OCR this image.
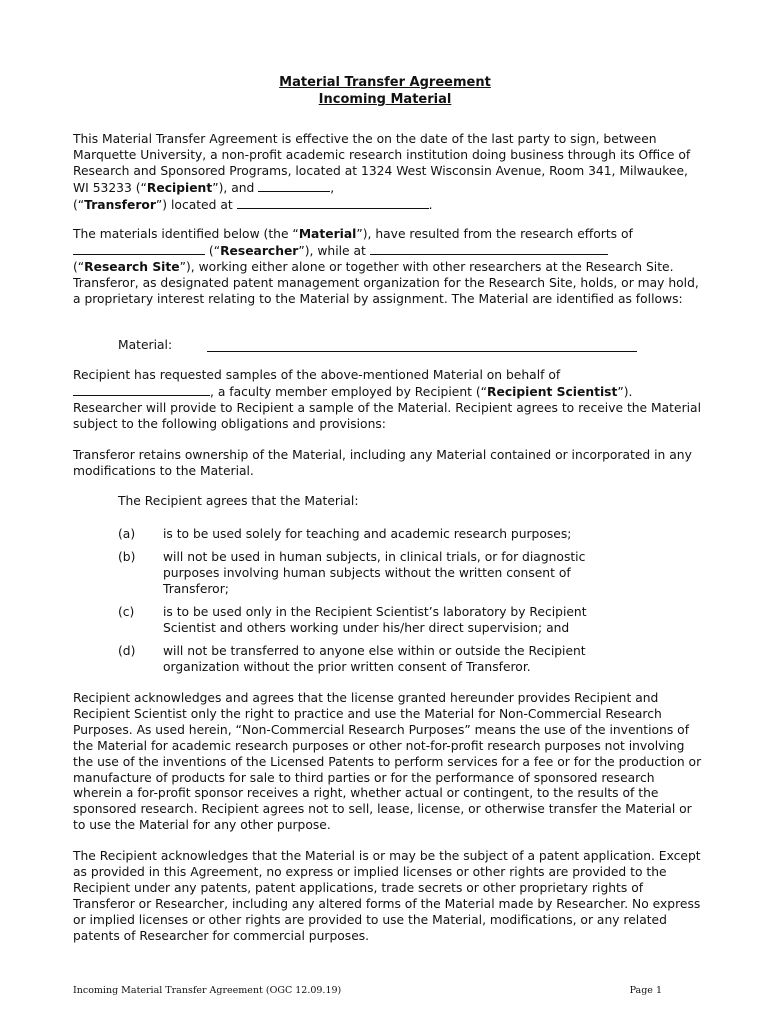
Material Transfer Agreement
Incoming Material

This Material Transfer Agreement is effective the on the date of the last party to sign, between Marquette University, a non-profit academic research institution doing business through its Office of Research and Sponsored Programs, located at 1324 West Wisconsin Avenue, Room 341, Milwaukee, WI 53233 (“Recipient”), and	,
(“Transferor”) located at	.

The materials identified below (the “Material”), have resulted from the research efforts of
(“Researcher”), while at
(“Research Site”), working either alone or together with other researchers at the Research Site. Transferor, as designated patent management organization for the Research Site, holds, or may hold, a proprietary interest relating to the Material by assignment. The Material are identified as follows:

Material:

Recipient has requested samples of the above-mentioned Material on behalf of
, a faculty member employed by Recipient (“Recipient Scientist”). Researcher will provide to Recipient a sample of the Material. Recipient agrees to receive the Material subject to the following obligations and provisions:

Transferor retains ownership of the Material, including any Material contained or incorporated in any modifications to the Material.

The Recipient agrees that the Material:
(a) is to be used solely for teaching and academic research purposes;
(b) will not be used in human subjects, in clinical trials, or for diagnostic purposes involving human subjects without the written consent of Transferor;
(c) is to be used only in the Recipient Scientist’s laboratory by Recipient Scientist and others working under his/her direct supervision; and
(d) will not be transferred to anyone else within or outside the Recipient organization without the prior written consent of Transferor.

Recipient acknowledges and agrees that the license granted hereunder provides Recipient and Recipient Scientist only the right to practice and use the Material for Non-Commercial Research Purposes. As used herein, “Non-Commercial Research Purposes” means the use of the inventions of the Material for academic research purposes or other not-for-profit research purposes not involving the use of the inventions of the Licensed Patents to perform services for a fee or for the production or manufacture of products for sale to third parties or for the performance of sponsored research wherein a for-profit sponsor receives a right, whether actual or contingent, to the results of the sponsored research. Recipient agrees not to sell, lease, license, or otherwise transfer the Material or to use the Material for any other purpose.

The Recipient acknowledges that the Material is or may be the subject of a patent application. Except as provided in this Agreement, no express or implied licenses or other rights are provided to the Recipient under any patents, patent applications, trade secrets or other proprietary rights of Transferor or Researcher, including any altered forms of the Material made by Researcher. No express or implied licenses or other rights are provided to use the Material, modifications, or any related patents of Researcher for commercial purposes.

Incoming Material Transfer Agreement (OGC 12.09.19)	Page 1
